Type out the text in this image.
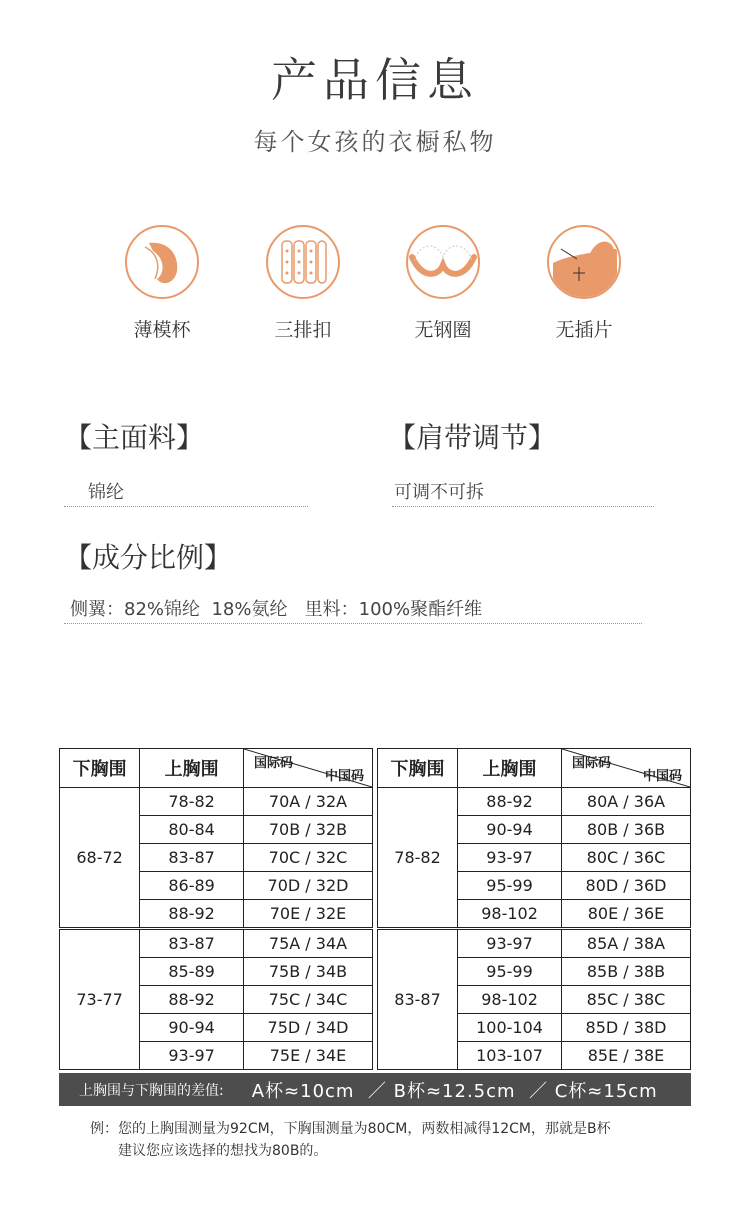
产品信息
每个女孩的衣橱私物
薄模杯	三排扣	无钢圈	无插片
【主面料】
锦纶
【肩带调节】
可调不可拆
【成分比例】
侧翼：82%锦纶  18%氨纶   里料：100%聚酯纤维
下胸围	上胸围	国际码
中国码

68-72	78-82	70A / 32A
	80-84	70B / 32B
	83-87	70C / 32C
	86-89	70D / 32D
	88-92	70E / 32E
73-77	83-87	75A / 34A
	85-89	75B / 34B
	88-92	75C / 34C
	90-94	75D / 34D
	93-97	75E / 34E
下胸围	上胸围	国际码
中国码

78-82	88-92	80A / 36A
	90-94	80B / 36B
	93-97	80C / 36C
	95-99	80D / 36D
	98-102	80E / 36E
83-87	93-97	85A / 38A
	95-99	85B / 38B
	98-102	85C / 38C
	100-104	85D / 38D
	103-107	85E / 38E
上胸围与下胸围的差值: A杯≈10cm  ／ B杯≈12.5cm  ／ C杯≈15cm
例：您的上胸围测量为92CM，下胸围测量为80CM，两数相减得12CM，那就是B杯
建议您应该选择的想找为80B的。
